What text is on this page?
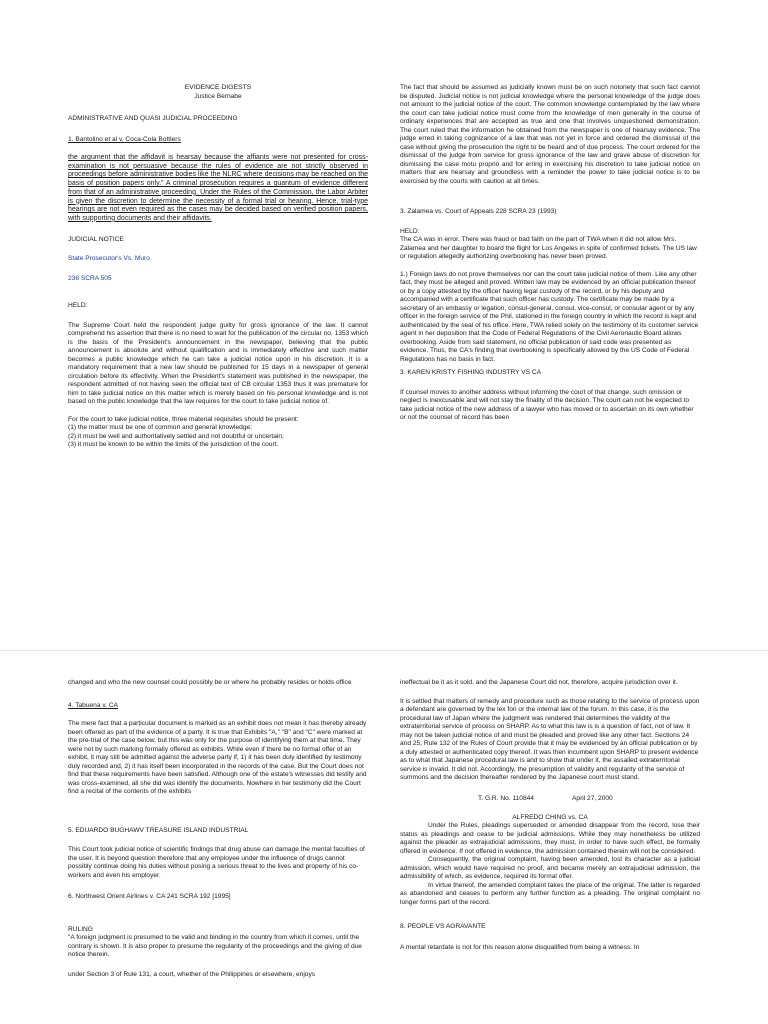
EVIDENCE DIGESTS

Justice Bernabe

ADMINISTRATIVE AND QUASI JUDICIAL PROCEEDING

1. Bantolino et al v. Coca-Cola Bottlers

the argument that the affidavit is hearsay because the affiants were not presented for cross-examination is not persuasive because the rules of evidence are not strictly observed in proceedings before administrative bodies like the NLRC where decisions may be reached on the basis of position papers only." A criminal prosecution requires a quantum of evidence different from that of an administrative proceeding. Under the Rules of the Commission, the Labor Arbiter is given the discretion to determine the necessity of a formal trial or hearing. Hence, trial-type hearings are not even required as the cases may be decided based on verified position papers, with supporting documents and their affidavits.

JUDICIAL NOTICE

State Prosecutor's Vs. Muro

236 SCRA 505

HELD:

The Supreme Court held the respondent judge guilty for gross ignorance of the law. It cannot comprehend his assertion that there is no need to wait for the publication of the circular no. 1353 which is the basis of the President's announcement in the newspaper, believing that the public announcement is absolute and without qualification and is immediately effective and such matter becomes a public knowledge which he can take a judicial notice upon in his discretion. It is a mandatory requirement that a new law should be published for 15 days in a newspaper of general circulation before its effectivity. When the President's statement was published in the newspaper, the respondent admitted of not having seen the official text of CB circular 1353 thus it was premature for him to take judicial notice on this matter which is merely based on his personal knowledge and is not based on the public knowledge that the law requires for the court to take judicial notice of.

For the court to take judicial notice, three material requisites should be present:

(1) the matter must be one of common and general knowledge;

(2) it must be well and authoritatively settled and not doubtful or uncertain;

(3) it must be known to be within the limits of the jurisdiction of the court.

The fact that should be assumed as judicially known must be on such notoriety that such fact cannot be disputed. Judicial notice is not judicial knowledge where the personal knowledge of the judge does not amount to the judicial notice of the court. The common knowledge contemplated by the law where the court can take judicial notice must come from the knowledge of men generally in the course of ordinary experiences that are accepted as true and one that involves unquestioned demonstration. The court ruled that the information he obtained from the newspaper is one of hearsay evidence. The judge erred in taking cognizance of a law that was not yet in force and ordered the dismissal of the case without giving the prosecution the right to be heard and of due process. The court ordered for the dismissal of the judge from service for gross ignorance of the law and grave abuse of discretion for dismissing the case motu proprio and for erring in exercising his discretion to take judicial notice on matters that are hearsay and groundless with a reminder the power to take judicial notice is to be exercised by the courts with caution at all times.

3. Zalamea vs. Court of Appeals 228 SCRA 23 (1993)

HELD:

The CA was in error. There was fraud or bad faith on the part of TWA when it did not allow Mrs. Zalamea and her daughter to board the flight for Los Angeles in spite of confirmed tickets. The US law or regulation allegedly authorizing overbooking has never been proved.

1.) Foreign laws do not prove themselves nor can the court take judicial notice of them. Like any other fact, they must be alleged and proved. Written law may be evidenced by an official publication thereof or by a copy attested by the officer having legal custody of the record, or by his deputy and accompanied with a certificate that such officer has custody. The certificate may be made by a secretary of an embassy or legation, consul-general, consul, vice-consul, or consular agent or by any officer in the foreign service of the Phil. stationed in the foreign country in which the record is kept and authenticated by the seal of his office. Here, TWA relied solely on the testimony of its customer service agent in her deposition that the Code of Federal Regulations of the Civil Aeronautic Board allows overbooking. Aside from said statement, no official publication of said code was presented as evidence. Thus, the CA's finding that overbooking is specifically allowed by the US Code of Federal Regulations has no basis in fact.

3. KAREN KRISTY FISHING INDUSTRY VS CA

If counsel moves to another address without informing the court of that change, such omission or neglect is inexcusable and will not stay the finality of the decision. The court can not be expected to take judicial notice of the new address of a lawyer who has moved or to ascertain on its own whether or not the counsel of record has been

changed and who the new counsel could possibly be or where he probably resides or holds office

4. Tabuena v. CA

The mere fact that a particular document is marked as an exhibit does not mean it has thereby already been offered as part of the evidence of a party. It is true that Exhibits "A," "B" and "C" were marked at the pre-trial of the case below, but this was only for the purpose of identifying them at that time. They were not by such marking formally offered as exhibits. While even if there be no formal offer of an exhibit, it may still be admitted against the adverse party if, 1) it has been duly identified by testimony duly recorded and, 2) it has itself been incorporated in the records of the case. But the Court does not find that these requirements have been satisfied. Although one of the estate's witnesses did testify and was cross-examined, all she did was identify the documents. Nowhere in her testimony did the Court find a recital of the contents of the exhibits

5. EDUARDO BUGHAWV TREASURE ISLAND INDUSTRIAL

This Court took judicial notice of scientific findings that drug abuse can damage the mental faculties of the user. It is beyond question therefore that any employee under the influence of drugs cannot possibly continue doing his duties without posing a serious threat to the lives and property of his co-workers and even his employer.

6. Northwest Orient Airlines v. CA 241 SCRA 192 [1995]

RULING

"A foreign judgment is presumed to be valid and binding in the country from which it comes, until the contrary is shown. It is also proper to presume the regularity of the proceedings and the giving of due notice therein.

under Section 3 of Rule 131, a court, whether of the Philippines or elsewhere, enjoys

ineffectual be it as it sold, and the Japanese Court did not, therefore, acquire jurisdiction over it.

It is settled that matters of remedy and procedure such as those relating to the service of process upon a defendant are governed by the lex fori or the internal law of the forum. In this case, it is the procedural law of Japan where the judgment was rendered that determines the validity of the extraterritorial service of process on SHARP. As to what this law is is a question of fact, not of law. It may not be taken judicial notice of and must be pleaded and proved like any other fact. Sections 24 and 25, Rule 132 of the Rules of Court provide that it may be evidenced by an official publication or by a duly attested or authenticated copy thereof. It was then incumbent upon SHARP to present evidence as to what that Japanese procedural law is and to show that under it, the assailed extraterritorial service is invalid. It did not. Accordingly, the presumption of validity and regularity of the service of summons and the decision thereafter rendered by the Japanese court must stand.

T. G.R. No. 110844	April 27, 2000

ALFREDO CHING vs. CA

Under the Rules, pleadings superseded or amended disappear from the record, lose their status as pleadings and cease to be judicial admissions. While they may nonetheless be utilized against the pleader as extrajudicial admissions, they must, in order to have such effect, be formally offered in evidence. If not offered in evidence, the admission contained therein will not be considered.

Consequently, the original complaint, having been amended, lost its character as a judicial admission, which would have required no proof, and became merely an extrajudicial admission, the admissibility of which, as evidence, required its formal offer.

In virtue thereof, the amended complaint takes the place of the original. The latter is regarded as abandoned and ceases to perform any further function as a pleading. The original complaint no longer forms part of the record.

8. PEOPLE VS AGRAVANTE

A mental retardate is not for this reason alone disqualified from being a witness. In
